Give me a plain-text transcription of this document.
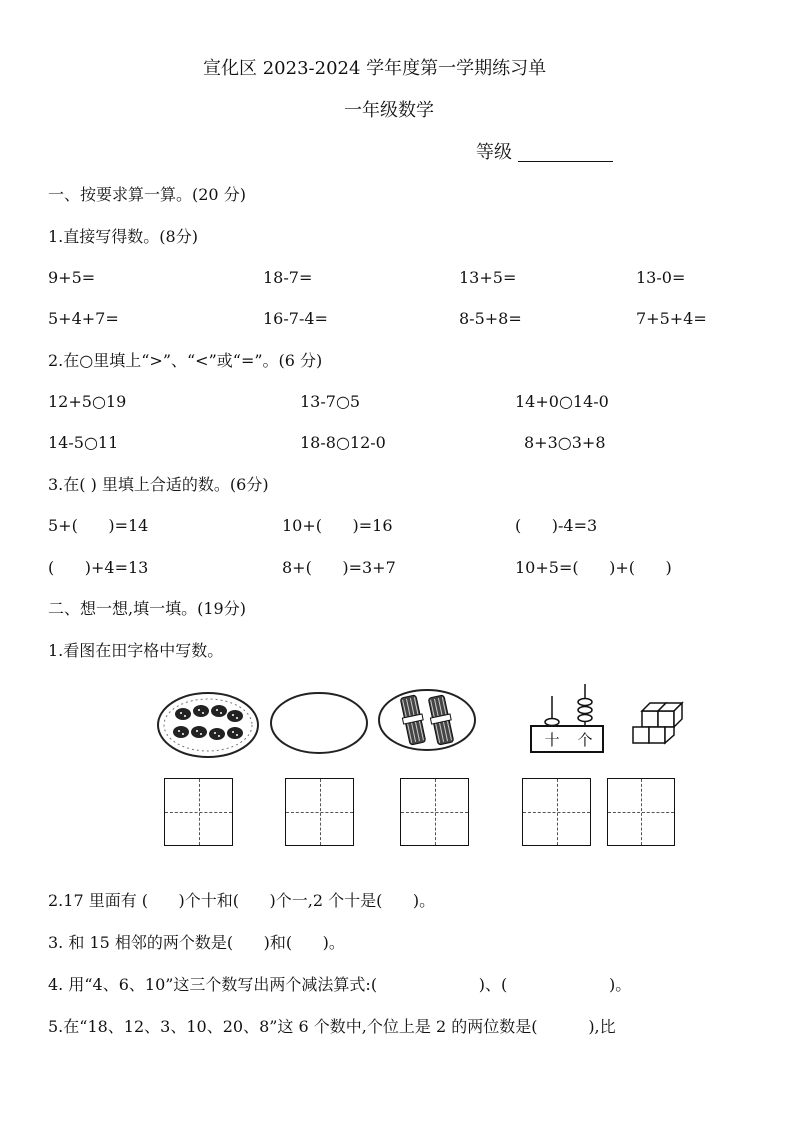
宣化区 2023-2024 学年度第一学期练习单
一年级数学
等级
一、按要求算一算。(20 分)
1.直接写得数。(8分)
9+5=	18-7=	13+5=	13-0=
5+4+7=	16-7-4=	8-5+8=	7+5+4=
2.在○里填上“>”、“<”或“=”。(6 分)
12+5○19	13-7○5	14+0○14-0
14-5○11	18-8○12-0	8+3○3+8
3.在( ) 里填上合适的数。(6分)
5+(      )=14	10+(      )=16	(      )-4=3
(      )+4=13	8+(      )=3+7	10+5=(      )+(      )
二、想一想,填一填。(19分)
1.看图在田字格中写数。
十 个
2.17 里面有 (      )个十和(      )个一,2 个十是(      )。
3. 和 15 相邻的两个数是(      )和(      )。
4. 用“4、6、10”这三个数写出两个减法算式:(                    )、(                    )。
5.在“18、12、3、10、20、8”这 6 个数中,个位上是 2 的两位数是(          ),比
